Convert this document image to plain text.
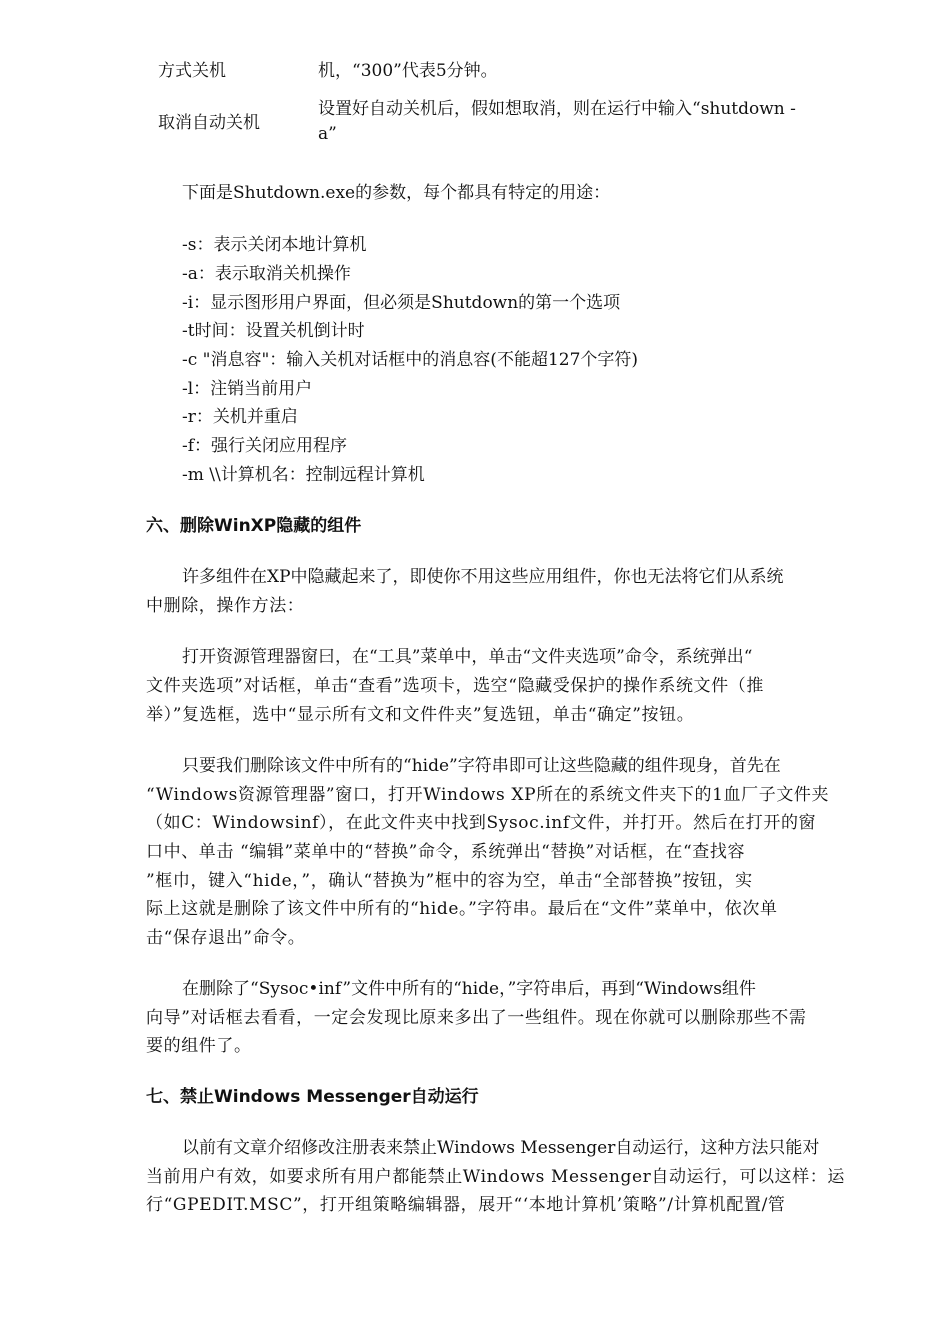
方式关机	机，“300”代表5分钟。
取消自动关机
设置好自动关机后，假如想取消，则在运行中输入“shutdown -
a”
下面是Shutdown.exe的参数，每个都具有特定的用途：
-s：表示关闭本地计算机
-a：表示取消关机操作
-i：显示图形用户界面，但必须是Shutdown的第一个选项
-t时间：设置关机倒计时
-c "消息容"：输入关机对话框中的消息容(不能超127个字符)
-l：注销当前用户
-r：关机并重启
-f：强行关闭应用程序
-m \\计算机名：控制远程计算机
六、删除WinXP隐藏的组件
许多组件在XP中隐藏起来了，即使你不用这些应用组件，你也无法将它们从系统
中删除，操作方法：
打开资源管理器窗曰，在“工具”菜单中，单击“文件夹选项”命令，系统弹出“
文件夹选项”对话框，单击“查看”选项卡，选空“隐藏受保护的操作系统文件（推
举）”复选框，选中“显示所有文和文件件夹”复选钮，单击“确定”按钮。
只要我们删除该文件中所有的“hide”字符串即可让这些隐藏的组件现身，首先在
“Windows资源管理器”窗口，打开Windows XP所在的系统文件夹下的1血厂子文件夹
（如C：Windowsinf），在此文件夹中找到Sysoc.inf文件，并打开。然后在打开的窗
口中、单击 “编辑”菜单中的“替换”命令，系统弹出“替换”对话框，在“查找容
”框巾，键入“hide，”，确认“替换为”框中的容为空，单击“全部替换”按钮，实
际上这就是删除了该文件中所有的“hide。”字符串。最后在“文件”菜单中，依次单
击“保存退出”命令。
在删除了“Sysoc•inf”文件中所有的“hide，”字符串后，再到“Windows组件
向导”对话框去看看，一定会发现比原来多出了一些组件。现在你就可以删除那些不需
要的组件了。
七、禁止Windows Messenger自动运行
以前有文章介绍修改注册表来禁止Windows Messenger自动运行，这种方法只能对
当前用户有效，如要求所有用户都能禁止Windows Messenger自动运行，可以这样：运
行“GPEDIT.MSC”，打开组策略编辑器，展开“‘本地计算机’策略”/计算机配置/管
